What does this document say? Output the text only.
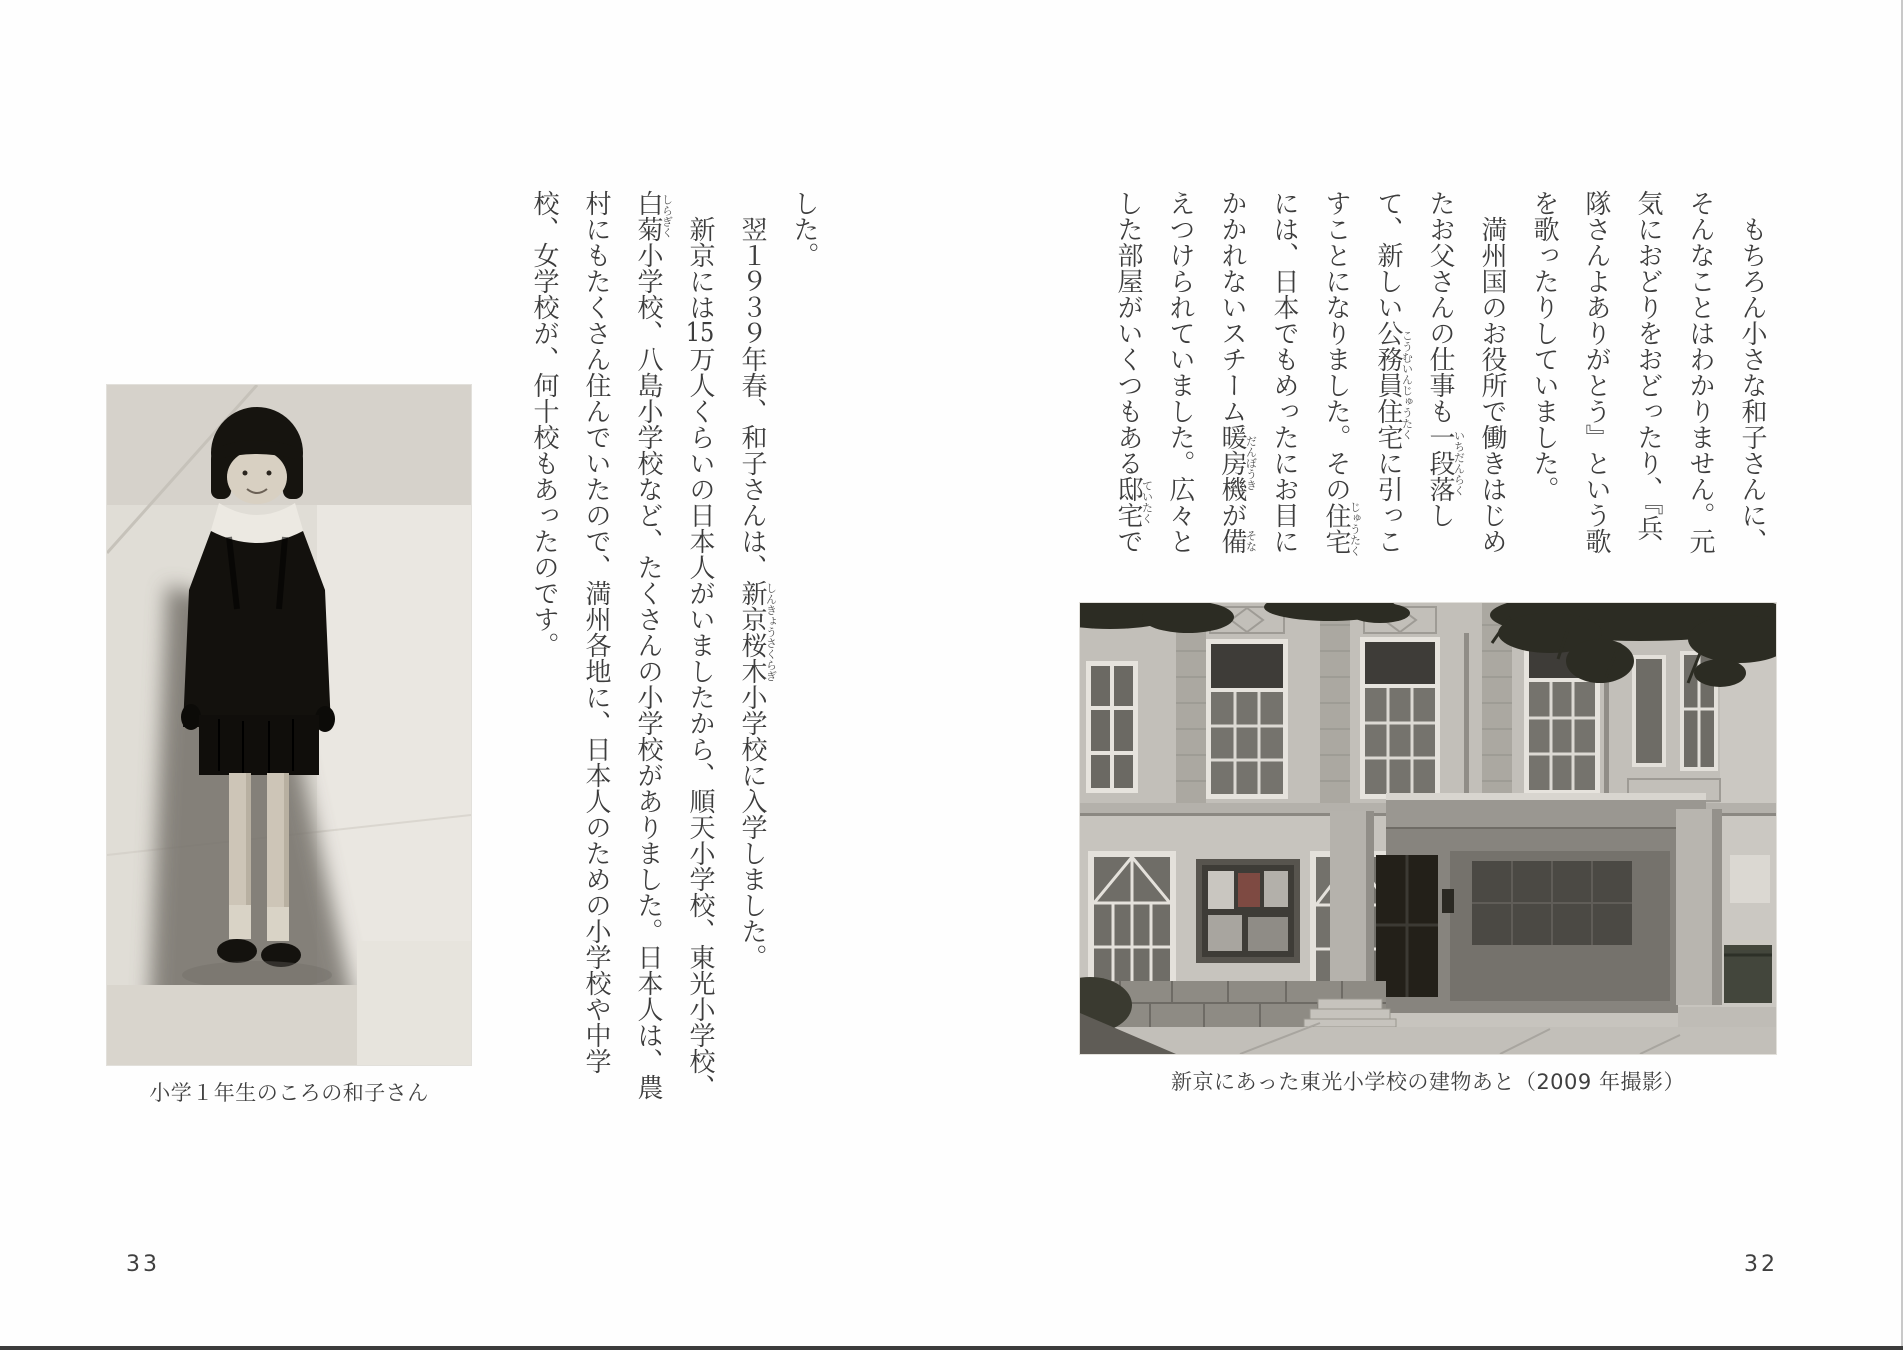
した。

翌１９３９年春、和子さんは、新京桜木しんきょうさくらぎ小学校に入学しました。

新京には15万人くらいの日本人がいましたから、順天小学校、東光小学校、白菊しらぎく小学校、八島小学校など、たくさんの小学校がありました。日本人は、農村にもたくさん住んでいたので、満州各地に、日本人のための小学校や中学校、女学校が、何十校もあったのです。

小学１年生のころの和子さん
33

もちろん小さな和子さんに、そんなことはわかりません。元気におどりをおどったり、『兵隊さんよありがとう』という歌を歌ったりしていました。

満州国のお役所で働きはじめたお父さんの仕事も一段落いちだんらくして、新しい公務員住宅こうむいんじゅうたくに引っこすことになりました。その住宅じゅうたくには、日本でもめったにお目にかかれないスチーム暖房機だんぼうきが備そなえつけられていました。広々とした部屋がいくつもある邸宅ていたくで

新京にあった東光小学校の建物あと（2009 年撮影）
32
